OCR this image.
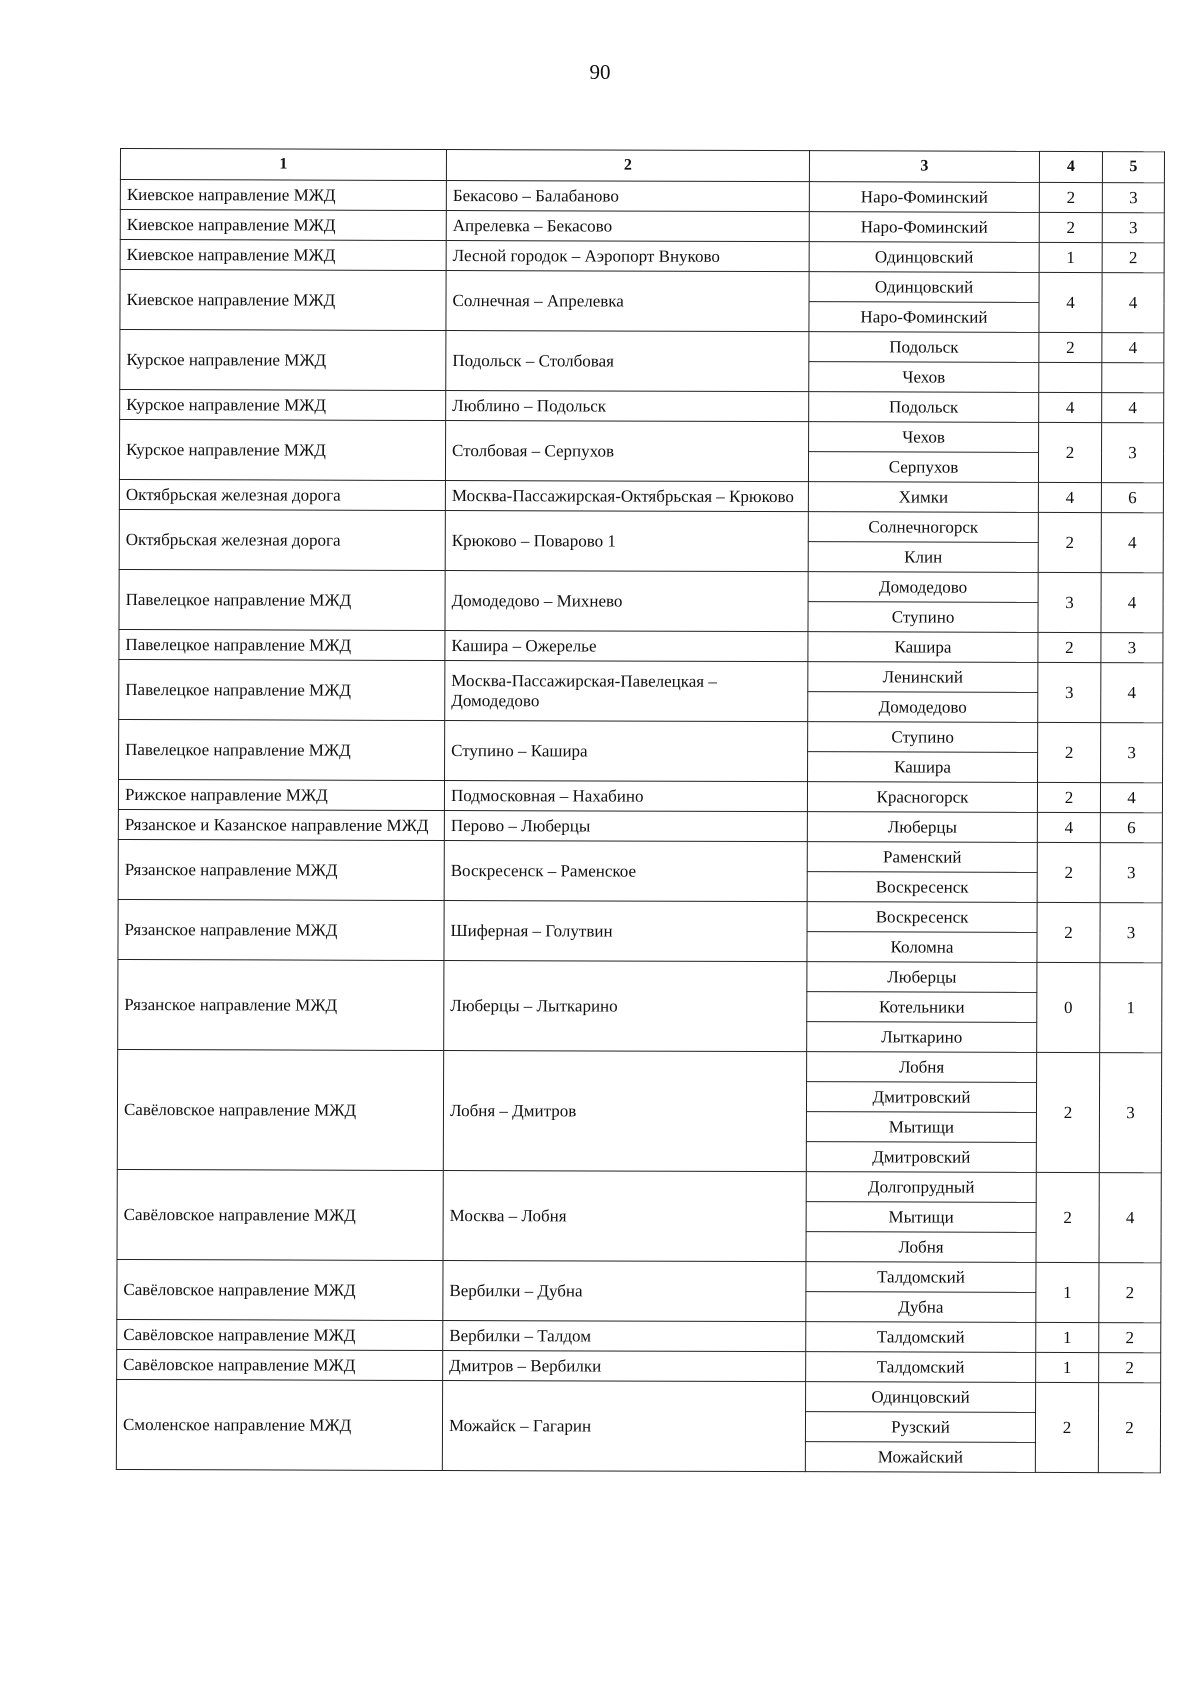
90
1	2	3	4	5
Киевское направление МЖД	Бекасово – Балабаново	Наро-Фоминский	2	3
Киевское направление МЖД	Апрелевка – Бекасово	Наро-Фоминский	2	3
Киевское направление МЖД	Лесной городок – Аэропорт Внуково	Одинцовский	1	2
Киевское направление МЖД	Солнечная – Апрелевка	Одинцовский	4	4
		Наро-Фоминский		
Курское направление МЖД	Подольск – Столбовая	Подольск	2	4
		Чехов		
Курское направление МЖД	Люблино – Подольск	Подольск	4	4
Курское направление МЖД	Столбовая – Серпухов	Чехов	2	3
		Серпухов		
Октябрьская железная дорога	Москва-Пассажирская-Октябрьская – Крюково	Химки	4	6
Октябрьская железная дорога	Крюково – Поварово 1	Солнечногорск	2	4
		Клин		
Павелецкое направление МЖД	Домодедово – Михнево	Домодедово	3	4
		Ступино		
Павелецкое направление МЖД	Кашира – Ожерелье	Кашира	2	3
Павелецкое направление МЖД	Москва-Пассажирская-Павелецкая – Домодедово	Ленинский	3	4
		Домодедово		
Павелецкое направление МЖД	Ступино – Кашира	Ступино	2	3
		Кашира		
Рижское направление МЖД	Подмосковная – Нахабино	Красногорск	2	4
Рязанское и Казанское направление МЖД	Перово – Люберцы	Люберцы	4	6
Рязанское направление МЖД	Воскресенск – Раменское	Раменский	2	3
		Воскресенск		
Рязанское направление МЖД	Шиферная – Голутвин	Воскресенск	2	3
		Коломна		
Рязанское направление МЖД	Люберцы – Лыткарино	Люберцы	0	1
		Котельники		
		Лыткарино		
Савёловское направление МЖД	Лобня – Дмитров	Лобня	2	3
		Дмитровский		
		Мытищи		
		Дмитровский		
Савёловское направление МЖД	Москва – Лобня	Долгопрудный	2	4
		Мытищи		
		Лобня		
Савёловское направление МЖД	Вербилки – Дубна	Талдомский	1	2
		Дубна		
Савёловское направление МЖД	Вербилки – Талдом	Талдомский	1	2
Савёловское направление МЖД	Дмитров – Вербилки	Талдомский	1	2
Смоленское направление МЖД	Можайск – Гагарин	Одинцовский	2	2
		Рузский		
		Можайский		
